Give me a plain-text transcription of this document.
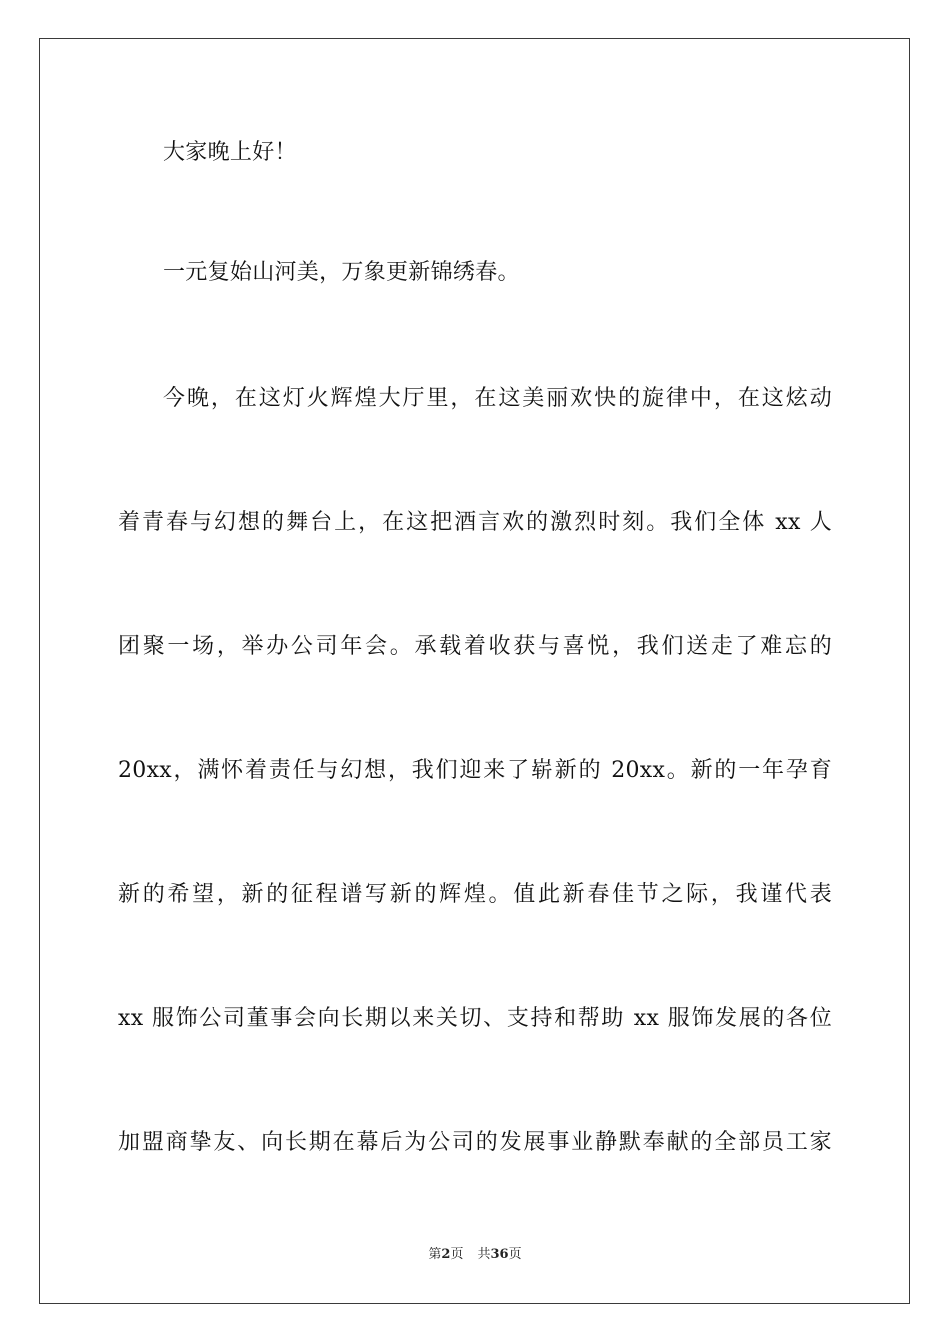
大家晚上好！
一元复始山河美，万象更新锦绣春。
今晚，在这灯火辉煌大厅里，在这美丽欢快的旋律中，在这炫动
着青春与幻想的舞台上，在这把酒言欢的激烈时刻。我们全体 xx 人
团聚一场，举办公司年会。承载着收获与喜悦，我们送走了难忘的
20xx，满怀着责任与幻想，我们迎来了崭新的 20xx。新的一年孕育
新的希望，新的征程谱写新的辉煌。值此新春佳节之际，我谨代表
xx 服饰公司董事会向长期以来关切、支持和帮助 xx 服饰发展的各位
加盟商挚友、向长期在幕后为公司的发展事业静默奉献的全部员工家
第2页 共36页
